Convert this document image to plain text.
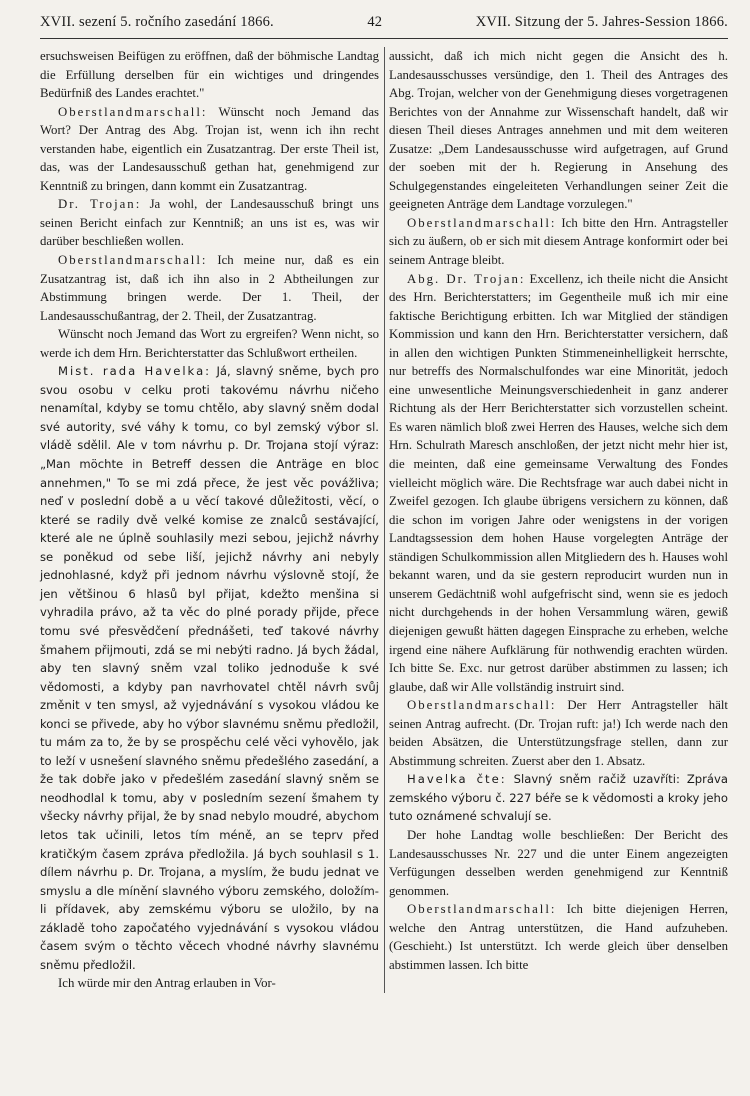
XVII. sezení 5. ročního zasedání 1866.	42	XVII. Sitzung der 5. Jahres-Session 1866.

ersuchsweisen Beifügen zu eröffnen, daß der böhmische Landtag die Erfüllung derselben für ein wichtiges und dringendes Bedürfniß des Landes erachtet."

Oberstlandmarschall: Wünscht noch Jemand das Wort? Der Antrag des Abg. Trojan ist, wenn ich ihn recht verstanden habe, eigentlich ein Zusatzantrag. Der erste Theil ist, das, was der Landesausschuß gethan hat, genehmigend zur Kenntniß zu bringen, dann kommt ein Zusatzantrag.

Dr. Trojan: Ja wohl, der Landesausschuß bringt uns seinen Bericht einfach zur Kenntniß; an uns ist es, was wir darüber beschließen wollen.

Oberstlandmarschall: Ich meine nur, daß es ein Zusatzantrag ist, daß ich ihn also in 2 Abtheilungen zur Abstimmung bringen werde. Der 1. Theil, der Landesausschußantrag, der 2. Theil, der Zusatzantrag.

Wünscht noch Jemand das Wort zu ergreifen? Wenn nicht, so werde ich dem Hrn. Berichterstatter das Schlußwort ertheilen.

Mist. rada Havelka: Já, slavný sněme, bych pro svou osobu v celku proti takovému návrhu ničeho nenamítal, kdyby se tomu chtělo, aby slavný sněm dodal své autority, své váhy k tomu, co byl zemský výbor sl. vládě sdělil. Ale v tom návrhu p. Dr. Trojana stojí výraz: „Man möchte in Betreff dessen die Anträge en bloc annehmen," To se mi zdá přece, že jest věc povážliva; neď v poslední době a u věcí takové důležitosti, věcí, o které se radily dvě velké komise ze znalců sestávající, které ale ne úplně souhlasily mezi sebou, jejichž návrhy se poněkud od sebe liší, jejichž návrhy ani nebyly jednohlasné, když při jednom návrhu výslovně stojí, že jen většinou 6 hlasů byl přijat, kdežto menšina si vyhradila právo, až ta věc do plné porady přijde, přece tomu své přesvědčení přednášeti, teď takové návrhy šmahem přijmouti, zdá se mi nebýti radno. Já bych žádal, aby ten slavný sněm vzal toliko jednoduše k své vědomosti, a kdyby pan navrhovatel chtěl návrh svůj změnit v ten smysl, až vyjednávání s vysokou vládou ke konci se přivede, aby ho výbor slavnému sněmu předložil, tu mám za to, že by se prospěchu celé věci vyhovělo, jak to leží v usnešení slavného sněmu předešlého zasedání, a že tak dobře jako v předešlém zasedání slavný sněm se neodhodlal k tomu, aby v posledním sezení šmahem ty všecky návrhy přijal, že by snad nebylo moudré, abychom letos tak učinili, letos tím méně, an se teprv před kratičkým časem zpráva předložila. Já bych souhlasil s 1. dílem návrhu p. Dr. Trojana, a myslím, že budu jednat ve smyslu a dle mínění slavného výboru zemského, doložím-li přídavek, aby zemskému výboru se uložilo, by na základě toho započatého vyjednávání s vysokou vládou časem svým o těchto věcech vhodné návrhy slavnému sněmu předložil.

Ich würde mir den Antrag erlauben in Vor-

aussicht, daß ich mich nicht gegen die Ansicht des h. Landesausschusses versündige, den 1. Theil des Antrages des Abg. Trojan, welcher von der Genehmigung dieses vorgetragenen Berichtes von der Annahme zur Wissenschaft handelt, daß wir diesen Theil dieses Antrages annehmen und mit dem weiteren Zusatze: „Dem Landesausschusse wird aufgetragen, auf Grund der soeben mit der h. Regierung in Ansehung des Schulgegenstandes eingeleiteten Verhandlungen seiner Zeit die geeigneten Anträge dem Landtage vorzulegen."

Oberstlandmarschall: Ich bitte den Hrn. Antragsteller sich zu äußern, ob er sich mit diesem Antrage konformirt oder bei seinem Antrage bleibt.

Abg. Dr. Trojan: Excellenz, ich theile nicht die Ansicht des Hrn. Berichterstatters; im Gegentheile muß ich mir eine faktische Berichtigung erbitten. Ich war Mitglied der ständigen Kommission und kann den Hrn. Berichterstatter versichern, daß in allen den wichtigen Punkten Stimmeneinhelligkeit herrschte, nur betreffs des Normalschulfondes war eine Minorität, jedoch eine unwesentliche Meinungsverschiedenheit in ganz anderer Richtung als der Herr Berichterstatter sich vorzustellen scheint. Es waren nämlich bloß zwei Herren des Hauses, welche sich dem Hrn. Schulrath Maresch anschloßen, der jetzt nicht mehr hier ist, die meinten, daß eine gemeinsame Verwaltung des Fondes vielleicht möglich wäre. Die Rechtsfrage war auch dabei nicht in Zweifel gezogen. Ich glaube übrigens versichern zu können, daß die schon im vorigen Jahre oder wenigstens in der vorigen Landtagssession dem hohen Hause vorgelegten Anträge der ständigen Schulkommission allen Mitgliedern des h. Hauses wohl bekannt waren, und da sie gestern reproducirt wurden nun in unserem Gedächtniß wohl aufgefrischt sind, wenn sie es jedoch nicht durchgehends in der hohen Versammlung wären, gewiß diejenigen gewußt hätten dagegen Einsprache zu erheben, welche irgend eine nähere Aufklärung für nothwendig erachten würden. Ich bitte Se. Exc. nur getrost darüber abstimmen zu lassen; ich glaube, daß wir Alle vollständig instruirt sind.

Oberstlandmarschall: Der Herr Antragsteller hält seinen Antrag aufrecht. (Dr. Trojan ruft: ja!) Ich werde nach den beiden Absätzen, die Unterstützungsfrage stellen, dann zur Abstimmung schreiten. Zuerst aber den 1. Absatz.

Havelka čte: Slavný sněm račiž uzavříti: Zpráva zemského výboru č. 227 béře se k vědomosti a kroky jeho tuto oznámené schvalují se.

Der hohe Landtag wolle beschließen: Der Bericht des Landesausschusses Nr. 227 und die unter Einem angezeigten Verfügungen desselben werden genehmigend zur Kenntniß genommen.

Oberstlandmarschall: Ich bitte diejenigen Herren, welche den Antrag unterstützen, die Hand aufzuheben. (Geschieht.) Ist unterstützt. Ich werde gleich über denselben abstimmen lassen. Ich bitte
